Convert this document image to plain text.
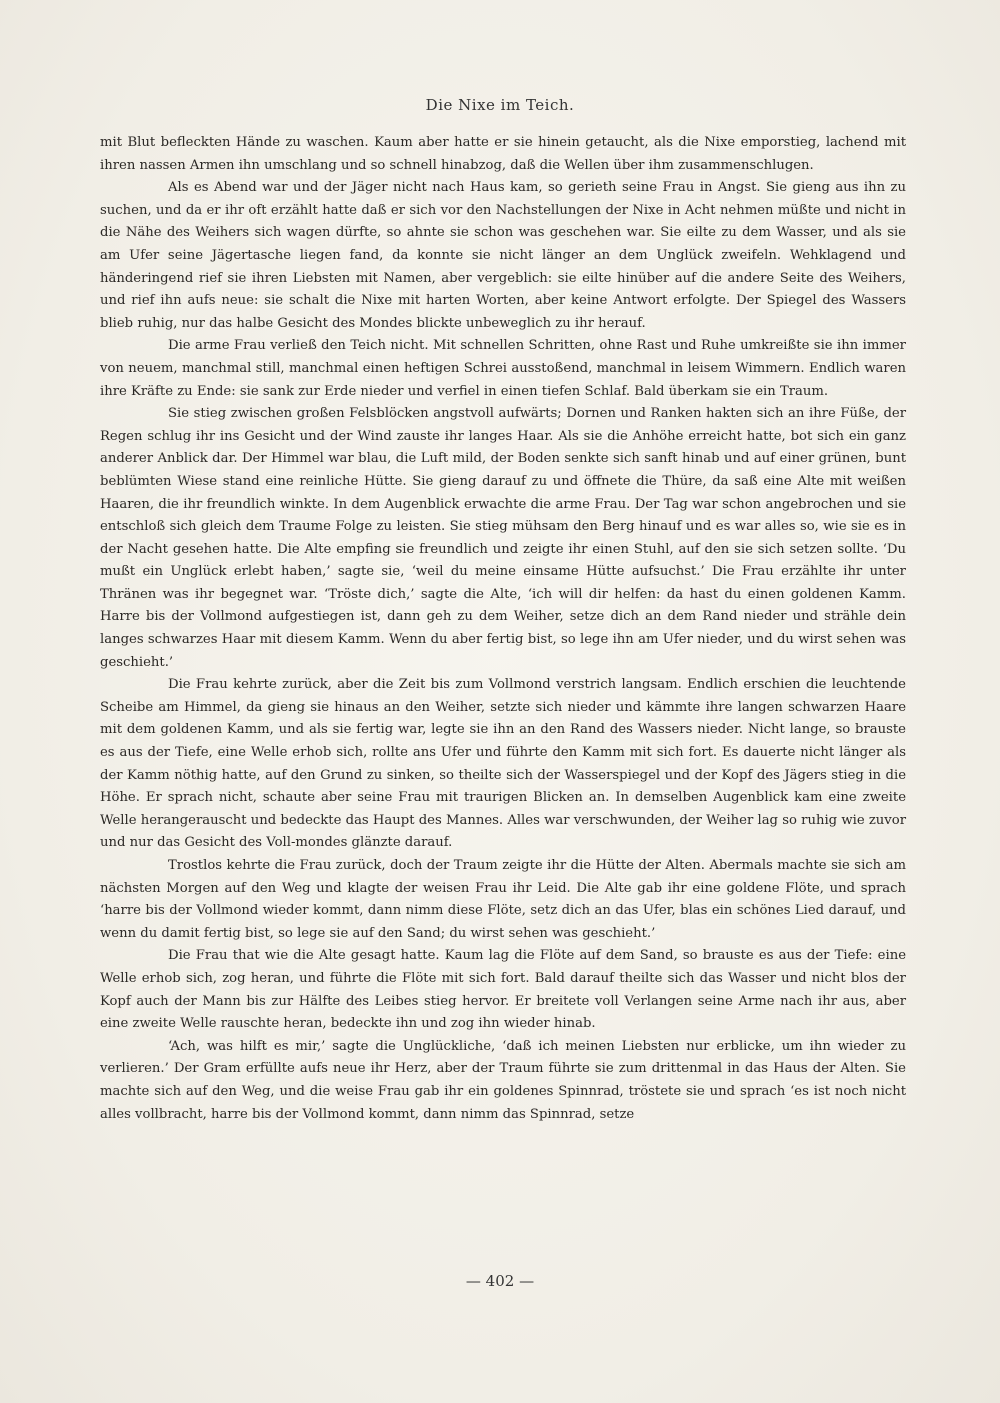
Die Nixe im Teich.

mit Blut befleckten Hände zu waschen. Kaum aber hatte er sie hinein getaucht, als die Nixe emporstieg, lachend mit ihren nassen Armen ihn umschlang und so schnell hinabzog, daß die Wellen über ihm zusammenschlugen.

Als es Abend war und der Jäger nicht nach Haus kam, so gerieth seine Frau in Angst. Sie gieng aus ihn zu suchen, und da er ihr oft erzählt hatte daß er sich vor den Nachstellungen der Nixe in Acht nehmen müßte und nicht in die Nähe des Weihers sich wagen dürfte, so ahnte sie schon was geschehen war. Sie eilte zu dem Wasser, und als sie am Ufer seine Jägertasche liegen fand, da konnte sie nicht länger an dem Unglück zweifeln. Wehklagend und händeringend rief sie ihren Liebsten mit Namen, aber vergeblich: sie eilte hinüber auf die andere Seite des Weihers, und rief ihn aufs neue: sie schalt die Nixe mit harten Worten, aber keine Antwort erfolgte. Der Spiegel des Wassers blieb ruhig, nur das halbe Gesicht des Mondes blickte unbeweglich zu ihr herauf.

Die arme Frau verließ den Teich nicht. Mit schnellen Schritten, ohne Rast und Ruhe umkreißte sie ihn immer von neuem, manchmal still, manchmal einen heftigen Schrei ausstoßend, manchmal in leisem Wimmern. Endlich waren ihre Kräfte zu Ende: sie sank zur Erde nieder und verfiel in einen tiefen Schlaf. Bald überkam sie ein Traum.

Sie stieg zwischen großen Felsblöcken angstvoll aufwärts; Dornen und Ranken hakten sich an ihre Füße, der Regen schlug ihr ins Gesicht und der Wind zauste ihr langes Haar. Als sie die Anhöhe erreicht hatte, bot sich ein ganz anderer Anblick dar. Der Himmel war blau, die Luft mild, der Boden senkte sich sanft hinab und auf einer grünen, bunt beblümten Wiese stand eine reinliche Hütte. Sie gieng darauf zu und öffnete die Thüre, da saß eine Alte mit weißen Haaren, die ihr freundlich winkte. In dem Augenblick erwachte die arme Frau. Der Tag war schon angebrochen und sie entschloß sich gleich dem Traume Folge zu leisten. Sie stieg mühsam den Berg hinauf und es war alles so, wie sie es in der Nacht gesehen hatte. Die Alte empfing sie freundlich und zeigte ihr einen Stuhl, auf den sie sich setzen sollte. ‘Du mußt ein Unglück erlebt haben,’ sagte sie, ‘weil du meine einsame Hütte aufsuchst.’ Die Frau erzählte ihr unter Thränen was ihr begegnet war. ‘Tröste dich,’ sagte die Alte, ‘ich will dir helfen: da hast du einen goldenen Kamm. Harre bis der Vollmond aufgestiegen ist, dann geh zu dem Weiher, setze dich an dem Rand nieder und strähle dein langes schwarzes Haar mit diesem Kamm. Wenn du aber fertig bist, so lege ihn am Ufer nieder, und du wirst sehen was geschieht.’

Die Frau kehrte zurück, aber die Zeit bis zum Vollmond verstrich langsam. Endlich erschien die leuchtende Scheibe am Himmel, da gieng sie hinaus an den Weiher, setzte sich nieder und kämmte ihre langen schwarzen Haare mit dem goldenen Kamm, und als sie fertig war, legte sie ihn an den Rand des Wassers nieder. Nicht lange, so brauste es aus der Tiefe, eine Welle erhob sich, rollte ans Ufer und führte den Kamm mit sich fort. Es dauerte nicht länger als der Kamm nöthig hatte, auf den Grund zu sinken, so theilte sich der Wasserspiegel und der Kopf des Jägers stieg in die Höhe. Er sprach nicht, schaute aber seine Frau mit traurigen Blicken an. In demselben Augenblick kam eine zweite Welle herangerauscht und bedeckte das Haupt des Mannes. Alles war verschwunden, der Weiher lag so ruhig wie zuvor und nur das Gesicht des Voll-mondes glänzte darauf.

Trostlos kehrte die Frau zurück, doch der Traum zeigte ihr die Hütte der Alten. Abermals machte sie sich am nächsten Morgen auf den Weg und klagte der weisen Frau ihr Leid. Die Alte gab ihr eine goldene Flöte, und sprach ‘harre bis der Vollmond wieder kommt, dann nimm diese Flöte, setz dich an das Ufer, blas ein schönes Lied darauf, und wenn du damit fertig bist, so lege sie auf den Sand; du wirst sehen was geschieht.’

Die Frau that wie die Alte gesagt hatte. Kaum lag die Flöte auf dem Sand, so brauste es aus der Tiefe: eine Welle erhob sich, zog heran, und führte die Flöte mit sich fort. Bald darauf theilte sich das Wasser und nicht blos der Kopf auch der Mann bis zur Hälfte des Leibes stieg hervor. Er breitete voll Verlangen seine Arme nach ihr aus, aber eine zweite Welle rauschte heran, bedeckte ihn und zog ihn wieder hinab.

‘Ach, was hilft es mir,’ sagte die Unglückliche, ‘daß ich meinen Liebsten nur erblicke, um ihn wieder zu verlieren.’ Der Gram erfüllte aufs neue ihr Herz, aber der Traum führte sie zum drittenmal in das Haus der Alten. Sie machte sich auf den Weg, und die weise Frau gab ihr ein goldenes Spinnrad, tröstete sie und sprach ‘es ist noch nicht alles vollbracht, harre bis der Vollmond kommt, dann nimm das Spinnrad, setze

— 402 —
